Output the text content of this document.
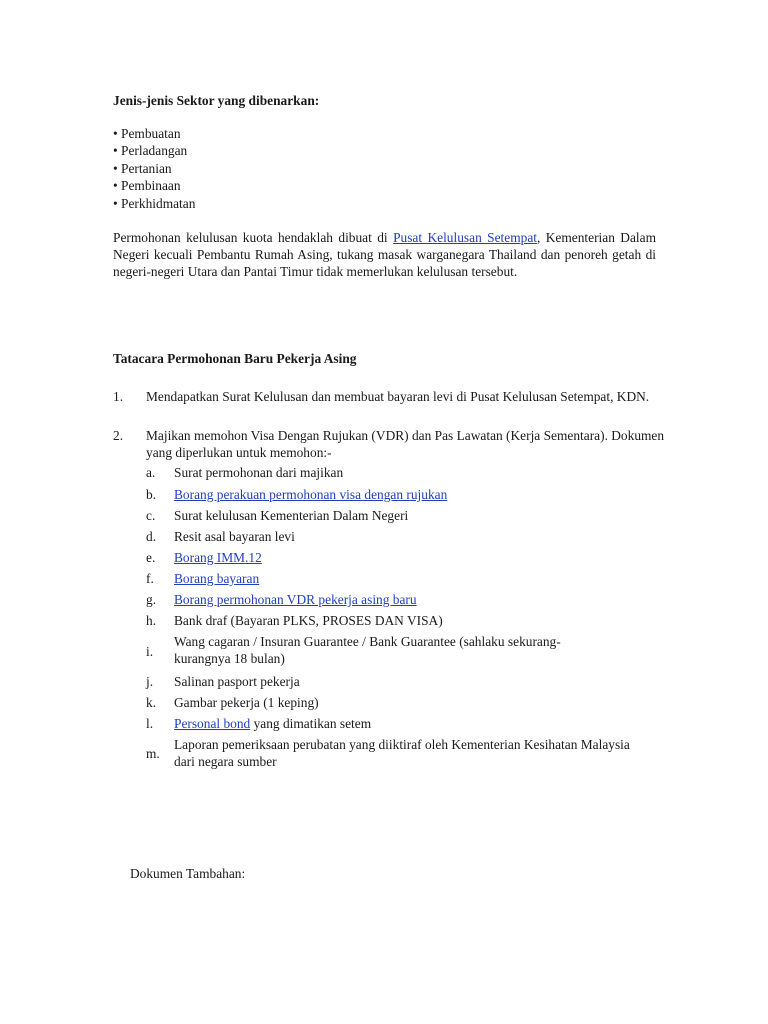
Jenis-jenis Sektor yang dibenarkan:
• Pembuatan
• Perladangan
• Pertanian
• Pembinaan
• Perkhidmatan
Permohonan kelulusan kuota hendaklah dibuat di Pusat Kelulusan Setempat, Kementerian Dalam Negeri kecuali Pembantu Rumah Asing, tukang masak warganegara Thailand dan penoreh getah di negeri-negeri Utara dan Pantai Timur tidak memerlukan kelulusan tersebut.
Tatacara Permohonan Baru Pekerja Asing
1. Mendapatkan Surat Kelulusan dan membuat bayaran levi di Pusat Kelulusan Setempat, KDN.
2. Majikan memohon Visa Dengan Rujukan (VDR) dan Pas Lawatan (Kerja Sementara). Dokumen yang diperlukan untuk memohon:-
a.	Surat permohonan dari majikan
b.	Borang perakuan permohonan visa dengan rujukan
c.	Surat kelulusan Kementerian Dalam Negeri
d.	Resit asal bayaran levi
e.	Borang IMM.12
f.	Borang bayaran
g.	Borang permohonan VDR pekerja asing baru
h.	Bank draf (Bayaran PLKS, PROSES DAN VISA)
i.
Wang cagaran / Insuran Guarantee / Bank Guarantee (sahlaku sekurang-kurangnya 18 bulan)
j.	Salinan pasport pekerja
k.	Gambar pekerja (1 keping)
l.	Personal bond yang dimatikan setem
m.
Laporan pemeriksaan perubatan yang diiktiraf oleh Kementerian Kesihatan Malaysia dari negara sumber
Dokumen Tambahan:
